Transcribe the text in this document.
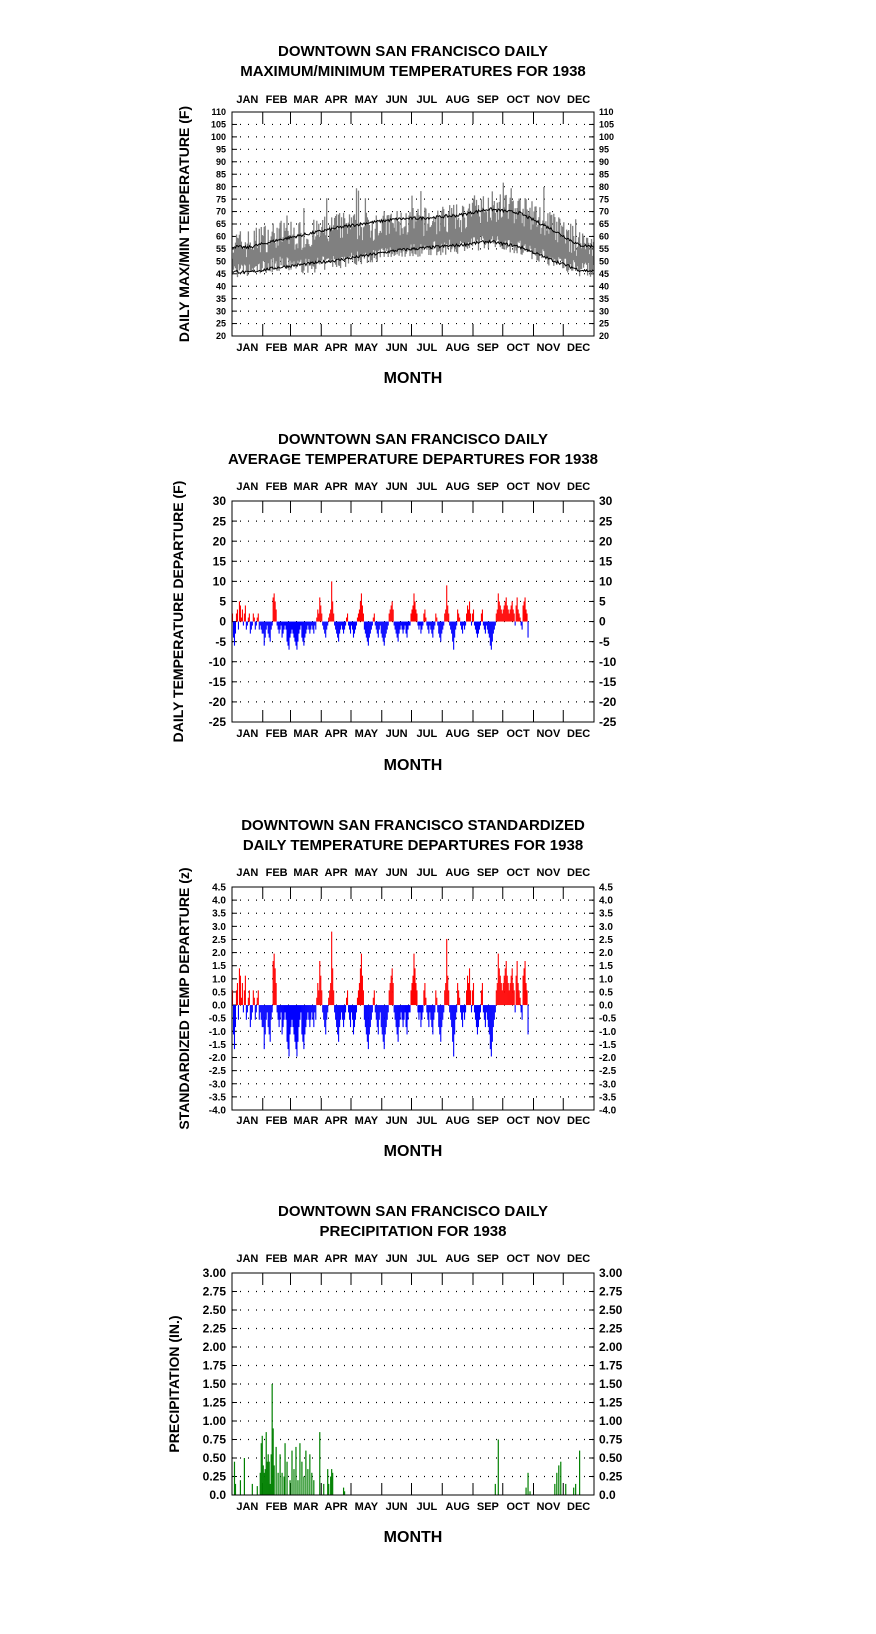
DOWNTOWN SAN FRANCISCO DAILY
MAXIMUM/MINIMUM TEMPERATURES FOR 1938
JAN
JAN
FEB
FEB
MAR
MAR
APR
APR
MAY
MAY
JUN
JUN
JUL
JUL
AUG
AUG
SEP
SEP
OCT
OCT
NOV
NOV
DEC
DEC
MONTH
DAILY MAX/MIN TEMPERATURE (F)	20	20
25	25
30	30
35	35
40	40
45	45
50	50
55	55
60	60
65	65
70	70
75	75
80	80
85	85
90	90
95	95
100	100
105	105
110	110
DOWNTOWN SAN FRANCISCO DAILY
AVERAGE TEMPERATURE DEPARTURES FOR 1938
JAN
JAN
FEB
FEB
MAR
MAR
APR
APR
MAY
MAY
JUN
JUN
JUL
JUL
AUG
AUG
SEP
SEP
OCT
OCT
NOV
NOV
DEC
DEC
MONTH
DAILY TEMPERATURE DEPARTURE (F) -25	-25
-20	-20
-15	-15
-10	-10
-5	-5
0	0
5	5
10	10
15	15
20	20
25	25
30	30
DOWNTOWN SAN FRANCISCO STANDARDIZED
DAILY TEMPERATURE DEPARTURES FOR 1938
JAN
JAN
FEB
FEB
MAR
MAR
APR
APR
MAY
MAY
JUN
JUN
JUL
JUL
AUG
AUG
SEP
SEP
OCT
OCT
NOV
NOV
DEC
DEC
MONTH
STANDARDIZED TEMP DEPARTURE (z) -4.0	-4.0
-3.5	-3.5
-3.0	-3.0
-2.5	-2.5
-2.0	-2.0
-1.5	-1.5
-1.0	-1.0
-0.5	-0.5
0.0	0.0
0.5	0.5
1.0	1.0
1.5	1.5
2.0	2.0
2.5	2.5
3.0	3.0
3.5	3.5
4.0	4.0
4.5	4.5
DOWNTOWN SAN FRANCISCO DAILY
PRECIPITATION FOR 1938
JAN
JAN
FEB
FEB
MAR
MAR
APR
APR
MAY
MAY
JUN
JUN
JUL
JUL
AUG
AUG
SEP
SEP
OCT
OCT
NOV
NOV
DEC
DEC
MONTH
PRECIPITATION (IN.)
0.0	0.0
0.25	0.25
0.50	0.50
0.75	0.75
1.00	1.00
1.25	1.25
1.50	1.50
1.75	1.75
2.00	2.00
2.25	2.25
2.50	2.50
2.75	2.75
3.00	3.00
